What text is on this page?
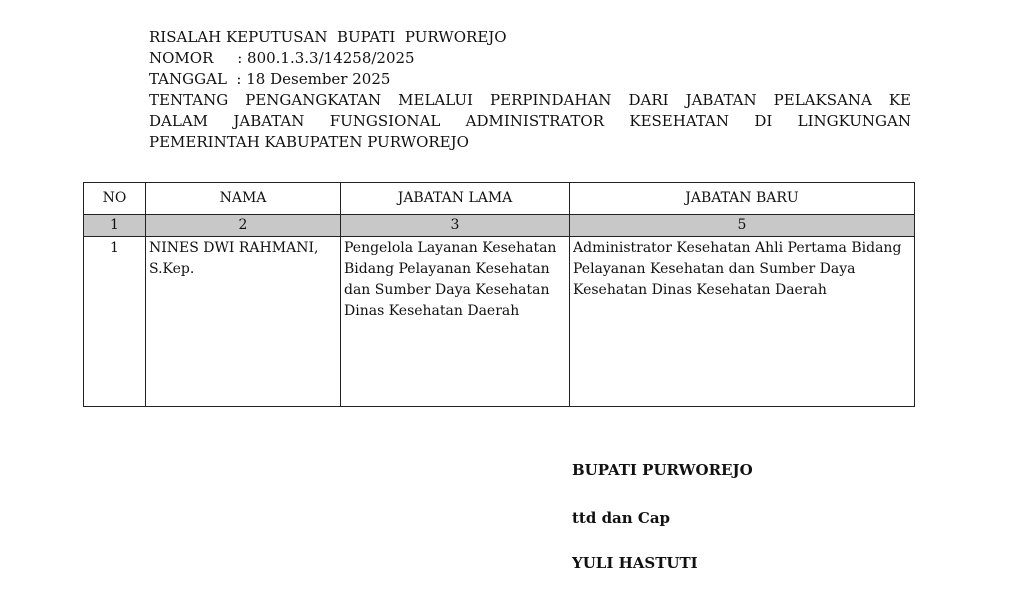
RISALAH KEPUTUSAN  BUPATI  PURWOREJO
NOMOR     : 800.1.3.3/14258/2025
TANGGAL  : 18 Desember 2025
TENTANG PENGANGKATAN MELALUI PERPINDAHAN DARI JABATAN PELAKSANA KE
DALAM JABATAN FUNGSIONAL ADMINISTRATOR KESEHATAN DI LINGKUNGAN
PEMERINTAH KABUPATEN PURWOREJO
NO	NAMA	JABATAN LAMA	JABATAN BARU
1	2	3	5
1	NINES DWI RAHMANI, S.Kep.	Pengelola Layanan Kesehatan Bidang Pelayanan Kesehatan dan Sumber Daya Kesehatan Dinas Kesehatan Daerah	Administrator Kesehatan Ahli Pertama Bidang Pelayanan Kesehatan dan Sumber Daya Kesehatan Dinas Kesehatan Daerah
BUPATI PURWOREJO
ttd dan Cap
YULI HASTUTI
